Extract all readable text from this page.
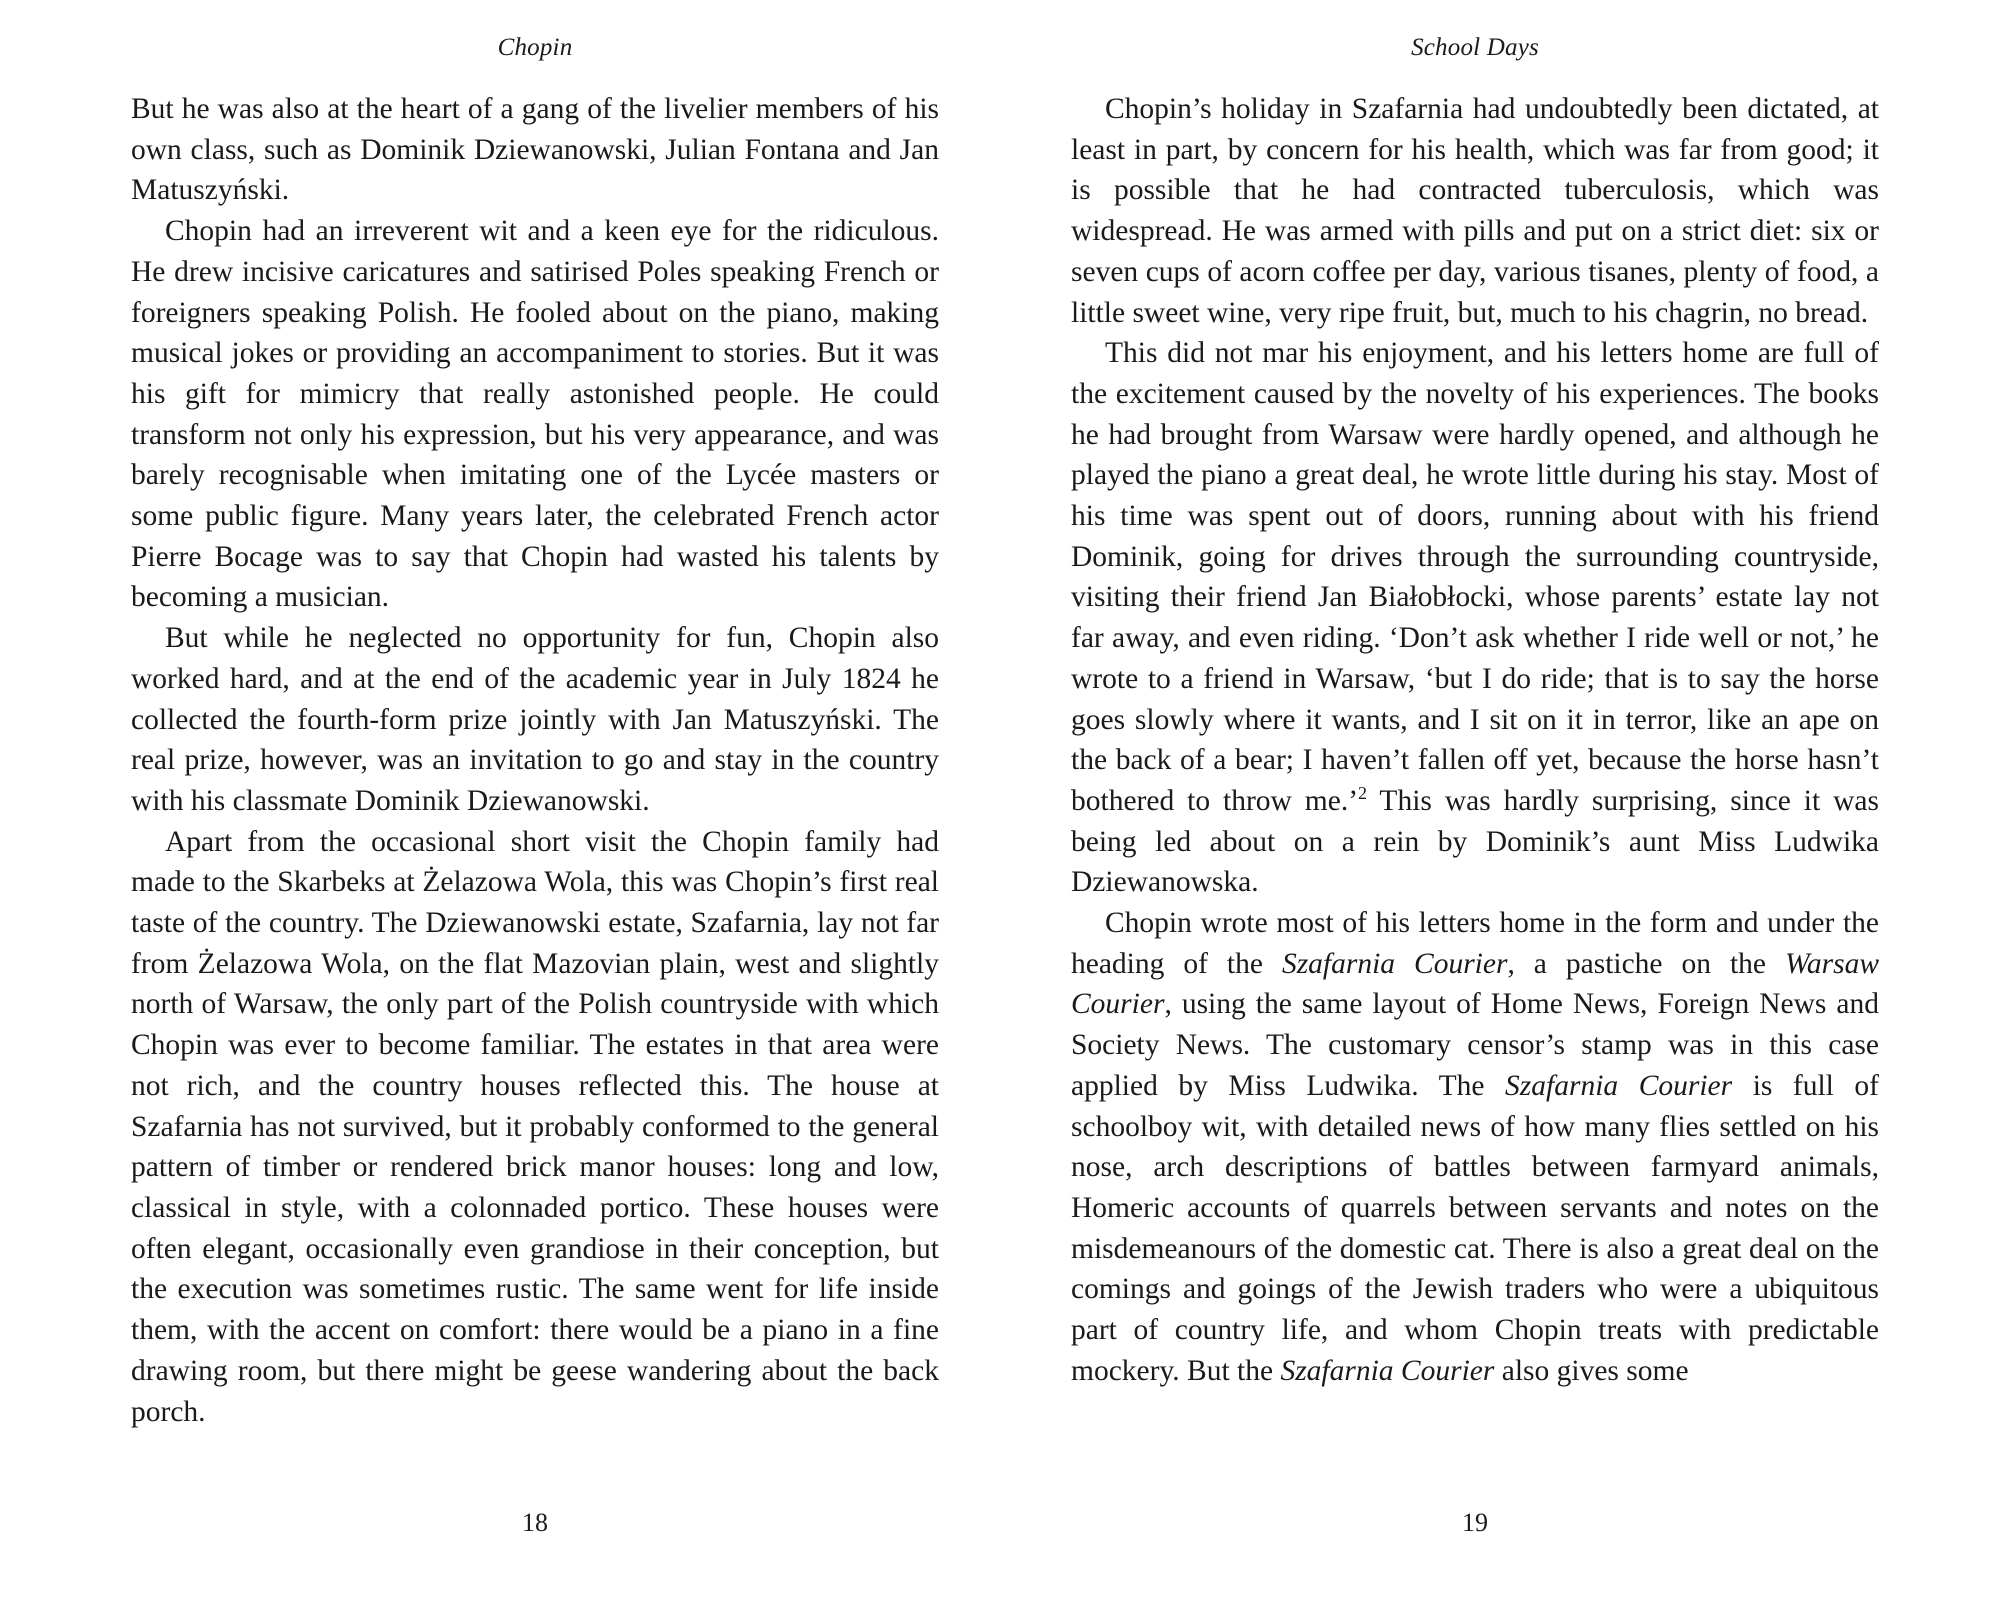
Chopin

But he was also at the heart of a gang of the livelier members of his own class, such as Dominik Dziewanowski, Julian Fontana and Jan Matuszyński.

Chopin had an irreverent wit and a keen eye for the ridiculous. He drew incisive caricatures and satirised Poles speaking French or foreigners speaking Polish. He fooled about on the piano, making musical jokes or providing an accompaniment to stories. But it was his gift for mimicry that really astonished people. He could transform not only his expression, but his very appearance, and was barely recognisable when imitating one of the Lycée masters or some public figure. Many years later, the celebrated French actor Pierre Bocage was to say that Chopin had wasted his talents by becoming a musician.

But while he neglected no opportunity for fun, Chopin also worked hard, and at the end of the academic year in July 1824 he collected the fourth-form prize jointly with Jan Matuszyński. The real prize, however, was an invitation to go and stay in the country with his classmate Dominik Dziewanowski.

Apart from the occasional short visit the Chopin family had made to the Skarbeks at Żelazowa Wola, this was Chopin’s first real taste of the country. The Dziewanowski estate, Szafarnia, lay not far from Żelazowa Wola, on the flat Mazovian plain, west and slightly north of Warsaw, the only part of the Polish countryside with which Chopin was ever to become familiar. The estates in that area were not rich, and the country houses reflected this. The house at Szafarnia has not survived, but it probably conformed to the general pattern of timber or rendered brick manor houses: long and low, classical in style, with a colonnaded portico. These houses were often elegant, occasionally even grandiose in their conception, but the execution was sometimes rustic. The same went for life inside them, with the accent on comfort: there would be a piano in a fine drawing room, but there might be geese wandering about the back porch.

18
School Days

Chopin’s holiday in Szafarnia had undoubtedly been dictated, at least in part, by concern for his health, which was far from good; it is possible that he had contracted tuberculosis, which was widespread. He was armed with pills and put on a strict diet: six or seven cups of acorn coffee per day, various tisanes, plenty of food, a little sweet wine, very ripe fruit, but, much to his chagrin, no bread.

This did not mar his enjoyment, and his letters home are full of the excitement caused by the novelty of his experiences. The books he had brought from Warsaw were hardly opened, and although he played the piano a great deal, he wrote little during his stay. Most of his time was spent out of doors, running about with his friend Dominik, going for drives through the surrounding countryside, visiting their friend Jan Białobłocki, whose parents’ estate lay not far away, and even riding. ‘Don’t ask whether I ride well or not,’ he wrote to a friend in Warsaw, ‘but I do ride; that is to say the horse goes slowly where it wants, and I sit on it in terror, like an ape on the back of a bear; I haven’t fallen off yet, because the horse hasn’t bothered to throw me.’$^2$ This was hardly surprising, since it was being led about on a rein by Dominik’s aunt Miss Ludwika Dziewanowska.

Chopin wrote most of his letters home in the form and under the heading of the Szafarnia Courier, a pastiche on the Warsaw Courier, using the same layout of Home News, Foreign News and Society News. The customary censor’s stamp was in this case applied by Miss Ludwika. The Szafarnia Courier is full of schoolboy wit, with detailed news of how many flies settled on his nose, arch descriptions of battles between farmyard animals, Homeric accounts of quarrels between servants and notes on the misdemeanours of the domestic cat. There is also a great deal on the comings and goings of the Jewish traders who were a ubiquitous part of country life, and whom Chopin treats with predictable mockery. But the Szafarnia Courier also gives some

19
